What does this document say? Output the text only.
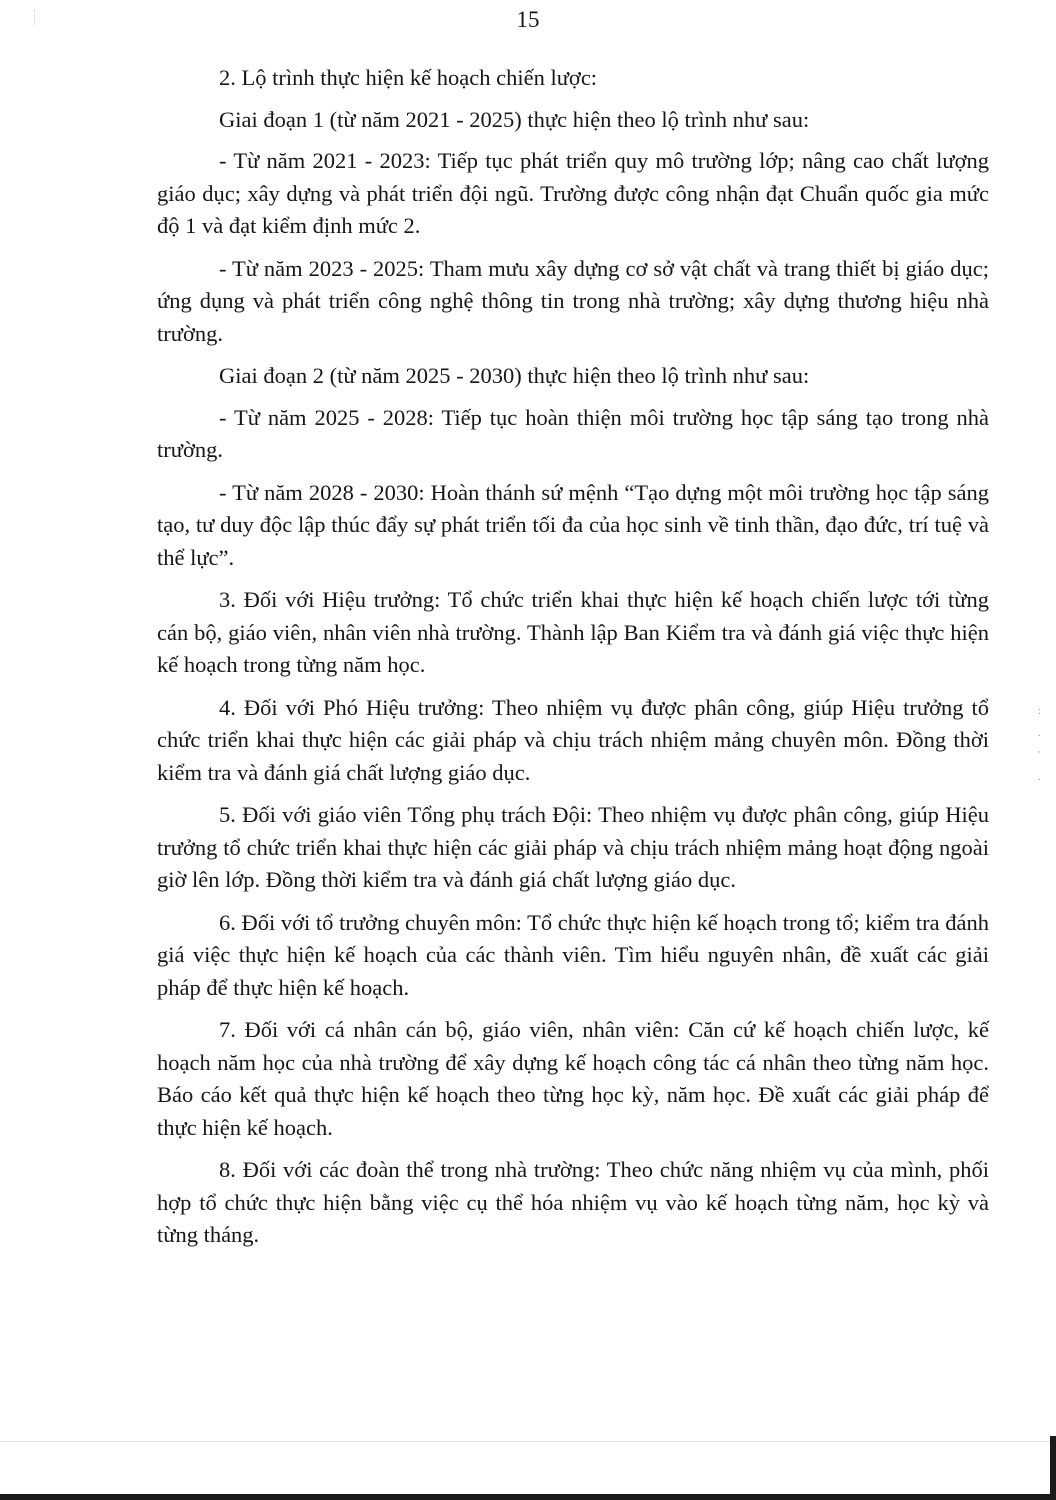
15

2. Lộ trình thực hiện kế hoạch chiến lược:

Giai đoạn 1 (từ năm 2021 - 2025) thực hiện theo lộ trình như sau:

- Từ năm 2021 - 2023: Tiếp tục phát triển quy mô trường lớp; nâng cao chất lượng giáo dục; xây dựng và phát triển đội ngũ. Trường được công nhận đạt Chuẩn quốc gia mức độ 1 và đạt kiểm định mức 2.

- Từ năm 2023 - 2025: Tham mưu xây dựng cơ sở vật chất và trang thiết bị giáo dục; ứng dụng và phát triển công nghệ thông tin trong nhà trường; xây dựng thương hiệu nhà trường.

Giai đoạn 2 (từ năm 2025 - 2030) thực hiện theo lộ trình như sau:

- Từ năm 2025 - 2028: Tiếp tục hoàn thiện môi trường học tập sáng tạo trong nhà trường.

- Từ năm 2028 - 2030: Hoàn thánh sứ mệnh “Tạo dựng một môi trường học tập sáng tạo, tư duy độc lập thúc đẩy sự phát triển tối đa của học sinh về tinh thần, đạo đức, trí tuệ và thể lực”.

3. Đối với Hiệu trưởng: Tổ chức triển khai thực hiện kế hoạch chiến lược tới từng cán bộ, giáo viên, nhân viên nhà trường. Thành lập Ban Kiểm tra và đánh giá việc thực hiện kế hoạch trong từng năm học.

4. Đối với Phó Hiệu trưởng: Theo nhiệm vụ được phân công, giúp Hiệu trưởng tổ chức triển khai thực hiện các giải pháp và chịu trách nhiệm mảng chuyên môn. Đồng thời kiểm tra và đánh giá chất lượng giáo dục.

5. Đối với giáo viên Tổng phụ trách Đội: Theo nhiệm vụ được phân công, giúp Hiệu trưởng tổ chức triển khai thực hiện các giải pháp và chịu trách nhiệm mảng hoạt động ngoài giờ lên lớp. Đồng thời kiểm tra và đánh giá chất lượng giáo dục.

6. Đối với tổ trưởng chuyên môn: Tổ chức thực hiện kế hoạch trong tổ; kiểm tra đánh giá việc thực hiện kế hoạch của các thành viên. Tìm hiểu nguyên nhân, đề xuất các giải pháp để thực hiện kế hoạch.

7. Đối với cá nhân cán bộ, giáo viên, nhân viên: Căn cứ kế hoạch chiến lược, kế hoạch năm học của nhà trường để xây dựng kế hoạch công tác cá nhân theo từng năm học. Báo cáo kết quả thực hiện kế hoạch theo từng học kỳ, năm học. Đề xuất các giải pháp để thực hiện kế hoạch.

8. Đối với các đoàn thể trong nhà trường: Theo chức năng nhiệm vụ của mình, phối hợp tổ chức thực hiện bằng việc cụ thể hóa nhiệm vụ vào kế hoạch từng năm, học kỳ và từng tháng.

:
.
'
.
